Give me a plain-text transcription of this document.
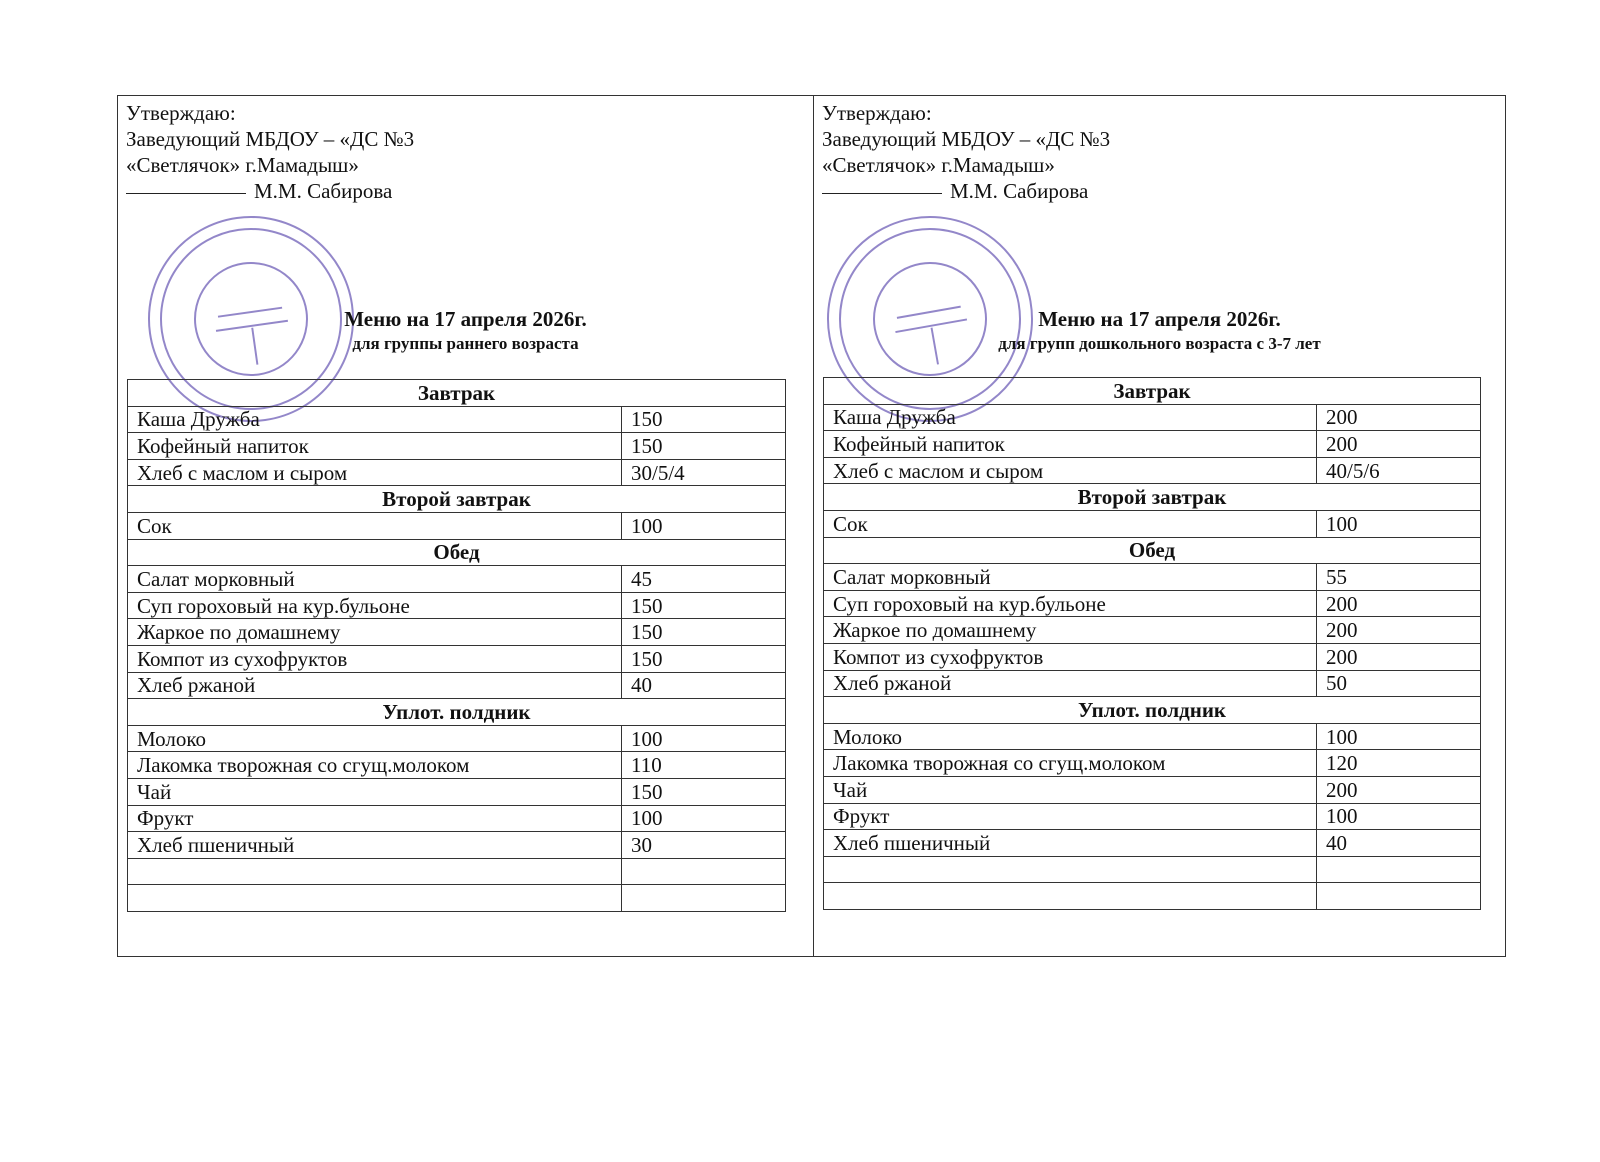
Утверждаю:
Заведующий МБДОУ – «ДС №3
«Светлячок» г.Мамадыш»
М.М. Сабирова
Меню на 17 апреля 2026г.
для группы раннего возраста
Завтрак	
Каша Дружба	150
Кофейный напиток	150
Хлеб с маслом и сыром	30/5/4
Второй завтрак	
Сок	100
Обед	
Салат морковный	45
Суп гороховый на кур.бульоне	150
Жаркое по домашнему	150
Компот из сухофруктов	150
Хлеб ржаной	40
Уплот. полдник	
Молоко	100
Лакомка творожная со сгущ.молоком	110
Чай	150
Фрукт	100
Хлеб пшеничный	30

Утверждаю:
Заведующий МБДОУ – «ДС №3
«Светлячок» г.Мамадыш»
М.М. Сабирова
Меню на 17 апреля 2026г.
для групп дошкольного возраста с 3-7 лет
Завтрак	
Каша Дружба	200
Кофейный напиток	200
Хлеб с маслом и сыром	40/5/6
Второй завтрак	
Сок	100
Обед	
Салат морковный	55
Суп гороховый на кур.бульоне	200
Жаркое по домашнему	200
Компот из сухофруктов	200
Хлеб ржаной	50
Уплот. полдник	
Молоко	100
Лакомка творожная со сгущ.молоком	120
Чай	200
Фрукт	100
Хлеб пшеничный	40
